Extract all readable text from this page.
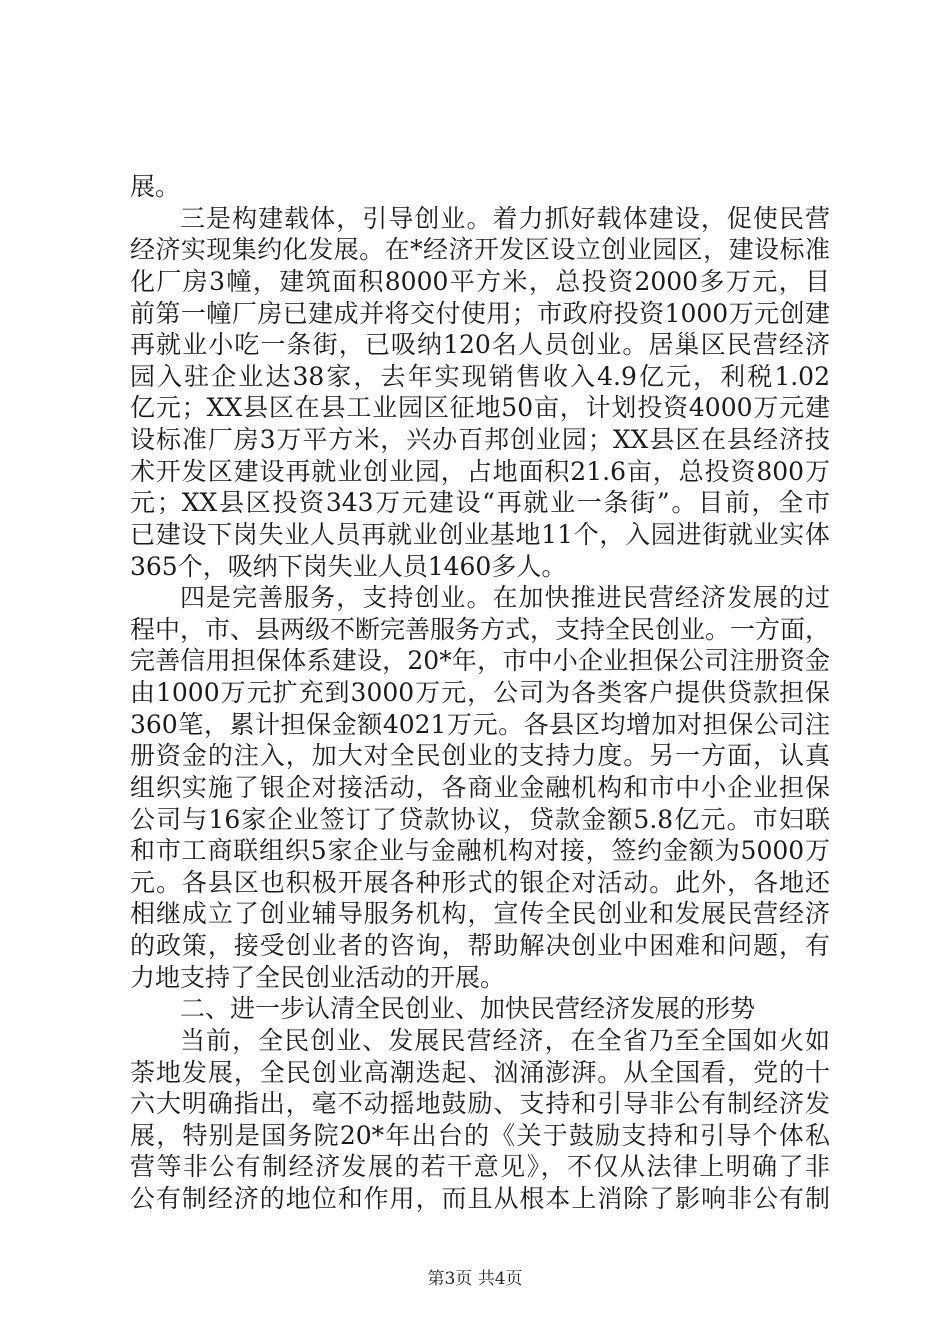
展。
三是构建载体，引导创业。着力抓好载体建设，促使民营
经济实现集约化发展。在*经济开发区设立创业园区，建设标准
化厂房3幢，建筑面积8000平方米，总投资2000多万元，目
前第一幢厂房已建成并将交付使用；市政府投资1000万元创建
再就业小吃一条街，已吸纳120名人员创业。居巢区民营经济
园入驻企业达38家，去年实现销售收入4.9亿元，利税1.02
亿元；XX县区在县工业园区征地50亩，计划投资4000万元建
设标准厂房3万平方米，兴办百邦创业园；XX县区在县经济技
术开发区建设再就业创业园，占地面积21.6亩，总投资800万
元；XX县区投资343万元建设“再就业一条街”。目前，全市
已建设下岗失业人员再就业创业基地11个，入园进街就业实体
365个，吸纳下岗失业人员1460多人。
四是完善服务，支持创业。在加快推进民营经济发展的过
程中，市、县两级不断完善服务方式，支持全民创业。一方面，
完善信用担保体系建设，20*年，市中小企业担保公司注册资金
由1000万元扩充到3000万元，公司为各类客户提供贷款担保
360笔，累计担保金额4021万元。各县区均增加对担保公司注
册资金的注入，加大对全民创业的支持力度。另一方面，认真
组织实施了银企对接活动，各商业金融机构和市中小企业担保
公司与16家企业签订了贷款协议，贷款金额5.8亿元。市妇联
和市工商联组织5家企业与金融机构对接，签约金额为5000万
元。各县区也积极开展各种形式的银企对活动。此外，各地还
相继成立了创业辅导服务机构，宣传全民创业和发展民营经济
的政策，接受创业者的咨询，帮助解决创业中困难和问题，有
力地支持了全民创业活动的开展。
二、进一步认清全民创业、加快民营经济发展的形势
当前，全民创业、发展民营经济，在全省乃至全国如火如
荼地发展，全民创业高潮迭起、汹涌澎湃。从全国看，党的十
六大明确指出，毫不动摇地鼓励、支持和引导非公有制经济发
展，特别是国务院20*年出台的《关于鼓励支持和引导个体私
营等非公有制经济发展的若干意见》，不仅从法律上明确了非
公有制经济的地位和作用，而且从根本上消除了影响非公有制
第3页 共4页
